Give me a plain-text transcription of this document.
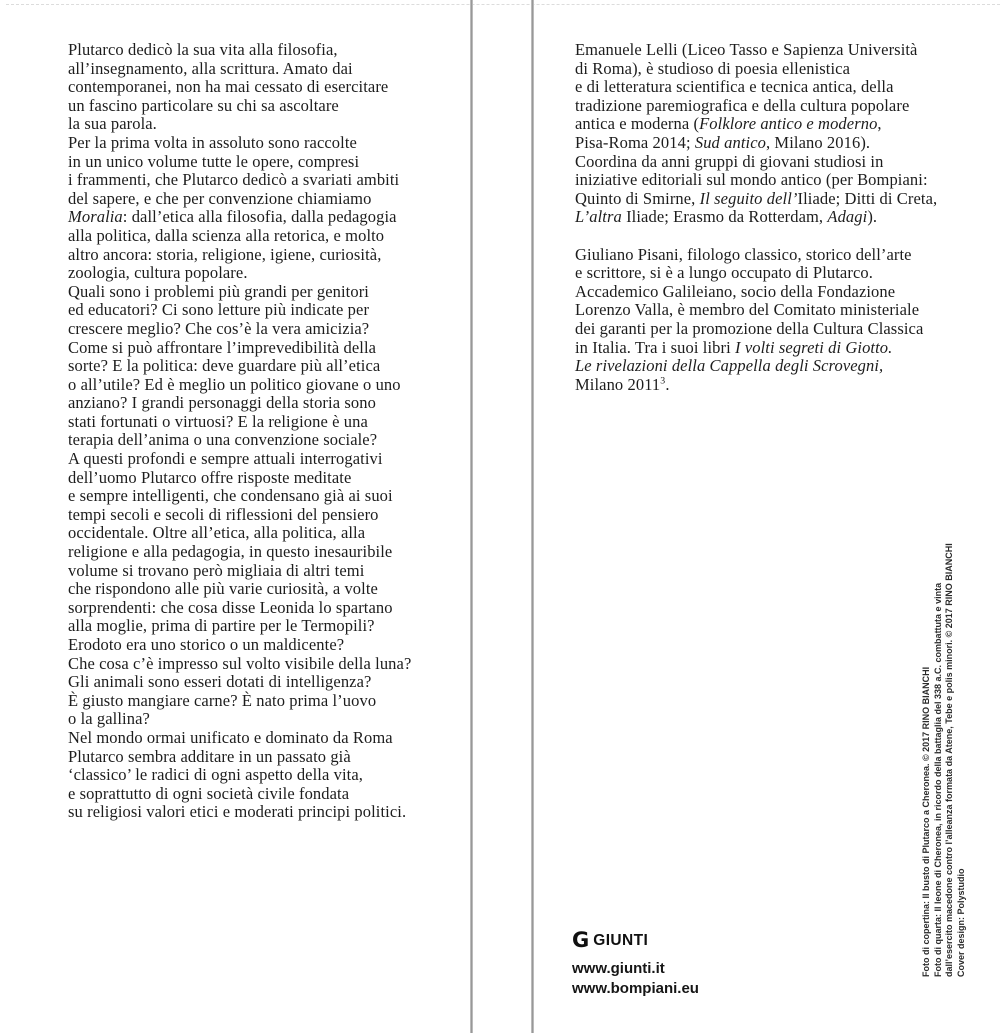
Plutarco dedicò la sua vita alla filosofia,
all’insegnamento, alla scrittura. Amato dai
contemporanei, non ha mai cessato di esercitare
un fascino particolare su chi sa ascoltare
la sua parola.
Per la prima volta in assoluto sono raccolte
in un unico volume tutte le opere, compresi
i frammenti, che Plutarco dedicò a svariati ambiti
del sapere, e che per convenzione chiamiamo
Moralia: dall’etica alla filosofia, dalla pedagogia
alla politica, dalla scienza alla retorica, e molto
altro ancora: storia, religione, igiene, curiosità,
zoologia, cultura popolare.
Quali sono i problemi più grandi per genitori
ed educatori? Ci sono letture più indicate per
crescere meglio? Che cos’è la vera amicizia?
Come si può affrontare l’imprevedibilità della
sorte? E la politica: deve guardare più all’etica
o all’utile? Ed è meglio un politico giovane o uno
anziano? I grandi personaggi della storia sono
stati fortunati o virtuosi? E la religione è una
terapia dell’anima o una convenzione sociale?
A questi profondi e sempre attuali interrogativi
dell’uomo Plutarco offre risposte meditate
e sempre intelligenti, che condensano già ai suoi
tempi secoli e secoli di riflessioni del pensiero
occidentale. Oltre all’etica, alla politica, alla
religione e alla pedagogia, in questo inesauribile
volume si trovano però migliaia di altri temi
che rispondono alle più varie curiosità, a volte
sorprendenti: che cosa disse Leonida lo spartano
alla moglie, prima di partire per le Termopili?
Erodoto era uno storico o un maldicente?
Che cosa c’è impresso sul volto visibile della luna?
Gli animali sono esseri dotati di intelligenza?
È giusto mangiare carne? È nato prima l’uovo
o la gallina?
Nel mondo ormai unificato e dominato da Roma
Plutarco sembra additare in un passato già
‘classico’ le radici di ogni aspetto della vita,
e soprattutto di ogni società civile fondata
su religiosi valori etici e moderati principi politici.
Emanuele Lelli (Liceo Tasso e Sapienza Università
di Roma), è studioso di poesia ellenistica
e di letteratura scientifica e tecnica antica, della
tradizione paremiografica e della cultura popolare
antica e moderna (Folklore antico e moderno,
Pisa-Roma 2014; Sud antico, Milano 2016).
Coordina da anni gruppi di giovani studiosi in
iniziative editoriali sul mondo antico (per Bompiani:
Quinto di Smirne, Il seguito dell’Iliade; Ditti di Creta,
L’altra Iliade; Erasmo da Rotterdam, Adagi).
Giuliano Pisani, filologo classico, storico dell’arte
e scrittore, si è a lungo occupato di Plutarco.
Accademico Galileiano, socio della Fondazione
Lorenzo Valla, è membro del Comitato ministeriale
dei garanti per la promozione della Cultura Classica
in Italia. Tra i suoi libri I volti segreti di Giotto.
Le rivelazioni della Cappella degli Scrovegni,
Milano 2011$^3$.
G GIUNTI
www.giunti.it
www.bompiani.eu
Foto di copertina: Il busto di Plutarco a Cheronea. © 2017 RINO BIANCHI Foto di quarta: Il leone di Cheronea, in ricordo della battaglia del 338 a.C. combattuta e vinta dall’esercito macedone contro l’alleanza formata da Atene, Tebe e polis minori. © 2017 RINO BIANCHI Cover design: Polystudio
